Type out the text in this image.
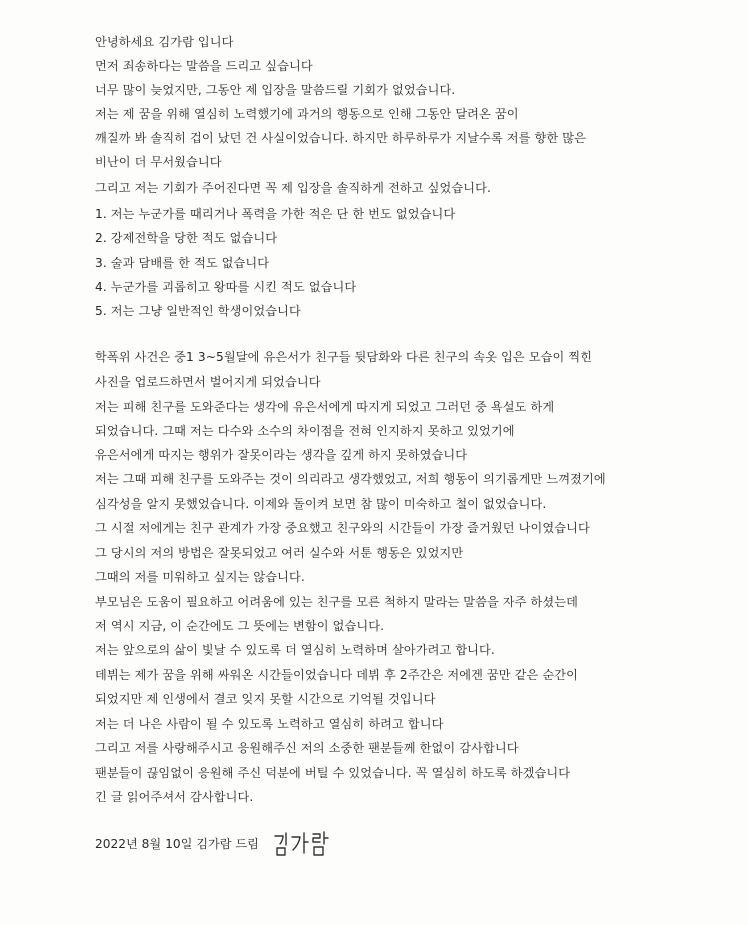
안녕하세요 김가람 입니다
먼저 죄송하다는 말씀을 드리고 싶습니다
너무 많이 늦었지만, 그동안 제 입장을 말씀드릴 기회가 없었습니다.
저는 제 꿈을 위해 열심히 노력했기에 과거의 행동으로 인해 그동안 달려온 꿈이
깨질까 봐 솔직히 겁이 났던 건 사실이었습니다. 하지만 하루하루가 지날수록 저를 향한 많은
비난이 더 무서웠습니다
그리고 저는 기회가 주어진다면 꼭 제 입장을 솔직하게 전하고 싶었습니다.
1. 저는 누군가를 때리거나 폭력을 가한 적은 단 한 번도 없었습니다
2. 강제전학을 당한 적도 없습니다
3. 술과 담배를 한 적도 없습니다
4. 누군가를 괴롭히고 왕따를 시킨 적도 없습니다
5. 저는 그냥 일반적인 학생이었습니다
학폭위 사건은 중1 3~5월달에 유은서가 친구들 뒷담화와 다른 친구의 속옷 입은 모습이 찍힌
사진을 업로드하면서 벌어지게 되었습니다
저는 피해 친구를 도와준다는 생각에 유은서에게 따지게 되었고 그러던 중 욕설도 하게
되었습니다. 그때 저는 다수와 소수의 차이점을 전혀 인지하지 못하고 있었기에
유은서에게 따지는 행위가 잘못이라는 생각을 깊게 하지 못하였습니다
저는 그때 피해 친구를 도와주는 것이 의리라고 생각했었고, 저희 행동이 의기롭게만 느껴졌기에
심각성을 알지 못했었습니다. 이제와 돌이켜 보면 참 많이 미숙하고 철이 없었습니다.
그 시절 저에게는 친구 관계가 가장 중요했고 친구와의 시간들이 가장 즐거웠던 나이였습니다
그 당시의 저의 방법은 잘못되었고 여러 실수와 서툰 행동은 있었지만
그때의 저를 미워하고 싶지는 않습니다.
부모님은 도움이 필요하고 어려움에 있는 친구를 모른 척하지 말라는 말씀을 자주 하셨는데
저 역시 지금, 이 순간에도 그 뜻에는 변함이 없습니다.
저는 앞으로의 삶이 빛날 수 있도록 더 열심히 노력하며 살아가려고 합니다.
데뷔는 제가 꿈을 위해 싸워온 시간들이었습니다 데뷔 후 2주간은 저에겐 꿈만 같은 순간이
되었지만 제 인생에서 결코 잊지 못할 시간으로 기억될 것입니다
저는 더 나은 사람이 될 수 있도록 노력하고 열심히 하려고 합니다
그리고 저를 사랑해주시고 응원해주신 저의 소중한 팬분들께 한없이 감사합니다
팬분들이 끊임없이 응원해 주신 덕분에 버틸 수 있었습니다. 꼭 열심히 하도록 하겠습니다
긴 글 읽어주셔서 감사합니다.
2022년 8월 10일 김가람 드림
